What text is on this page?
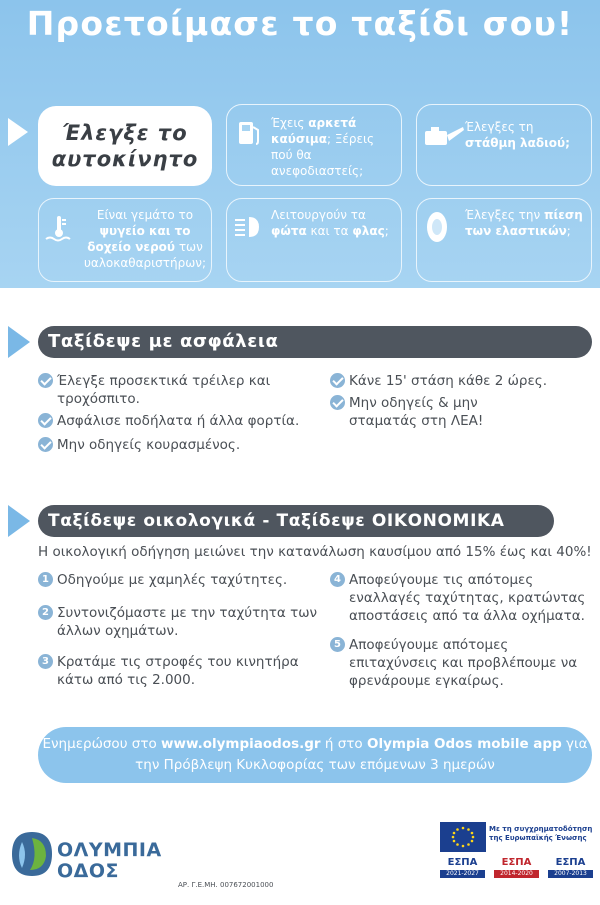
Προετοίμασε το ταξίδι σου!
Έλεγξε το αυτοκίνητο
Έχεις αρκετά καύσιμα; Ξέρεις πού θα ανεφοδιαστείς;
Έλεγξες τη στάθμη λαδιού;
Είναι γεμάτο το ψυγείο και το δοχείο νερού των υαλοκαθαριστήρων;
Λειτουργούν τα φώτα και τα φλας;
Έλεγξες την πίεση των ελαστικών;
Ταξίδεψε με ασφάλεια
Έλεγξε προσεκτικά τρέιλερ και τροχόσπιτο.
Ασφάλισε ποδήλατα ή άλλα φορτία.
Μην οδηγείς κουρασμένος.
Κάνε 15' στάση κάθε 2 ώρες.
Μην οδηγείς & μην σταματάς στη ΛΕΑ!
Ταξίδεψε οικολογικά - Ταξίδεψε ΟΙΚΟΝΟΜΙΚΑ
Η οικολογική οδήγηση μειώνει την κατανάλωση καυσίμου από 15% έως και 40%!
1 Οδηγούμε με χαμηλές ταχύτητες.
2 Συντονιζόμαστε με την ταχύτητα των άλλων οχημάτων.
3 Κρατάμε τις στροφές του κινητήρα κάτω από τις 2.000.
4 Αποφεύγουμε τις απότομες εναλλαγές ταχύτητας, κρατώντας αποστάσεις από τα άλλα οχήματα.
5 Αποφεύγουμε απότομες επιταχύνσεις και προβλέπουμε να φρενάρουμε εγκαίρως.
Ενημερώσου στο www.olympiaodos.gr ή στο Olympia Odos mobile app για την Πρόβλεψη Κυκλοφορίας των επόμενων 3 ημερών
ΟΛΥΜΠΙΑ
ΟΔΟΣ
ΑΡ. Γ.Ε.ΜΗ. 007672001000
Με τη συγχρηματοδότηση της Ευρωπαϊκής Ένωσης
ΕΣΠΑ
2021-2027
ΕΣΠΑ
2014-2020
ΕΣΠΑ
2007-2013
